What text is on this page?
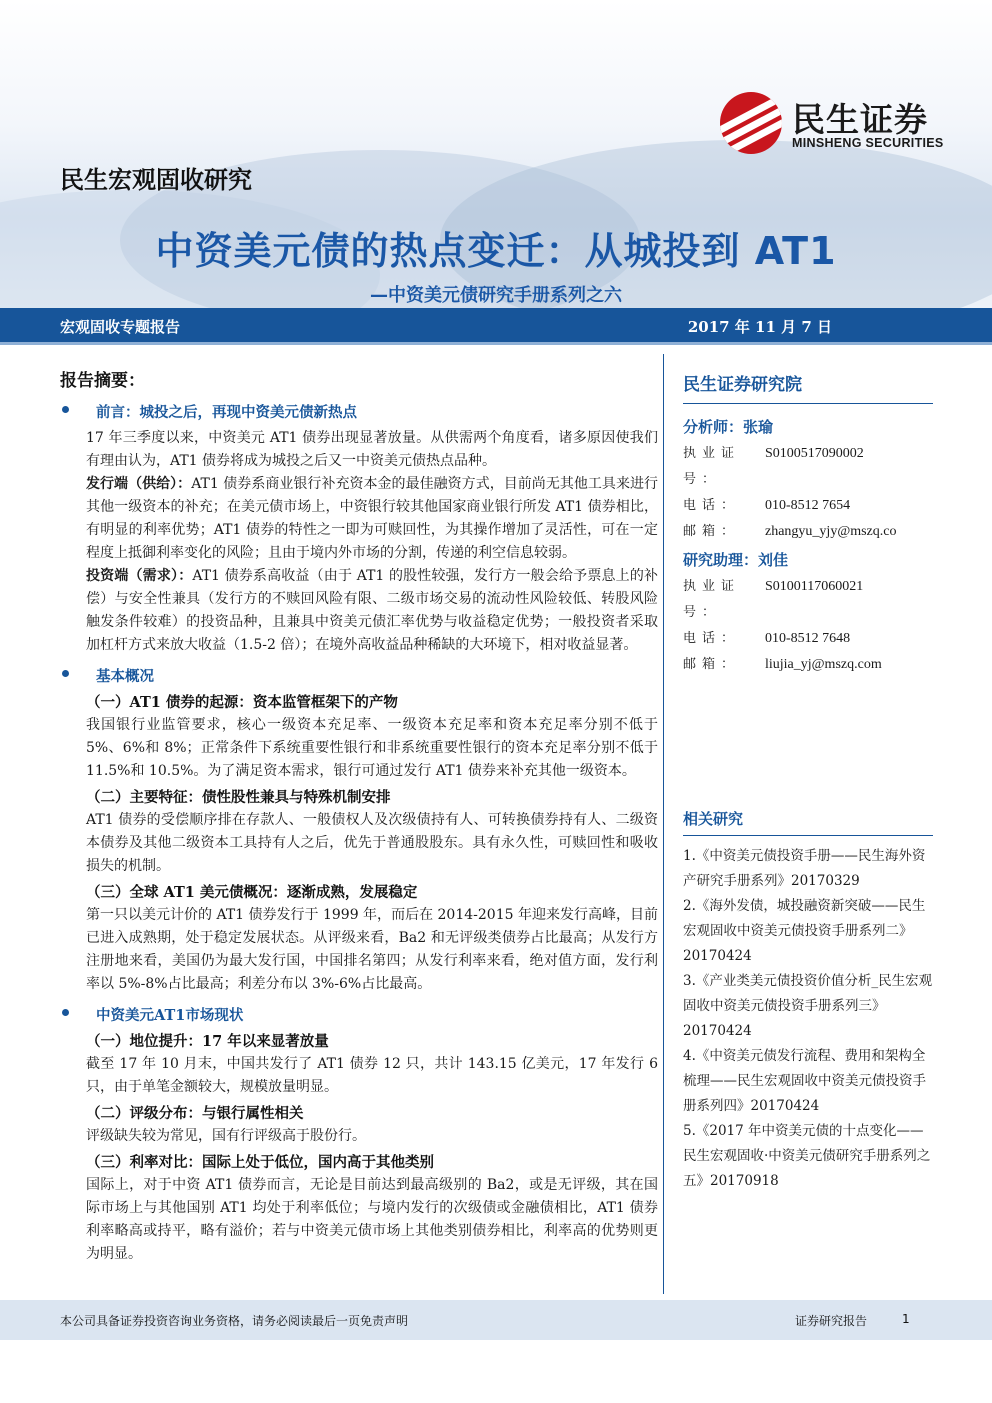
民生证券
MINSHENG SECURITIES
民生宏观固收研究
中资美元债的热点变迁：从城投到 AT1
—中资美元债研究手册系列之六
宏观固收专题报告	2017 年 11 月 7 日
报告摘要：
前言：城投之后，再现中资美元债新热点

17 年三季度以来，中资美元 AT1 债券出现显著放量。从供需两个角度看，诸多原因使我们有理由认为，AT1 债券将成为城投之后又一中资美元债热点品种。

发行端（供给）：AT1 债券系商业银行补充资本金的最佳融资方式，目前尚无其他工具来进行其他一级资本的补充；在美元债市场上，中资银行较其他国家商业银行所发 AT1 债券相比，有明显的利率优势；AT1 债券的特性之一即为可赎回性，为其操作增加了灵活性，可在一定程度上抵御利率变化的风险；且由于境内外市场的分割，传递的利空信息较弱。

投资端（需求）：AT1 债券系高收益（由于 AT1 的股性较强，发行方一般会给予票息上的补偿）与安全性兼具（发行方的不赎回风险有限、二级市场交易的流动性风险较低、转股风险触发条件较难）的投资品种，且兼具中资美元债汇率优势与收益稳定优势；一般投资者采取加杠杆方式来放大收益（1.5-2 倍）；在境外高收益品种稀缺的大环境下，相对收益显著。

基本概况
（一）AT1 债券的起源：资本监管框架下的产物

我国银行业监管要求，核心一级资本充足率、一级资本充足率和资本充足率分别不低于 5%、6%和 8%；正常条件下系统重要性银行和非系统重要性银行的资本充足率分别不低于 11.5%和 10.5%。为了满足资本需求，银行可通过发行 AT1 债券来补充其他一级资本。

（二）主要特征：债性股性兼具与特殊机制安排

AT1 债券的受偿顺序排在存款人、一般债权人及次级债持有人、可转换债券持有人、二级资本债券及其他二级资本工具持有人之后，优先于普通股股东。具有永久性，可赎回性和吸收损失的机制。

（三）全球 AT1 美元债概况：逐渐成熟，发展稳定

第一只以美元计价的 AT1 债券发行于 1999 年，而后在 2014-2015 年迎来发行高峰，目前已进入成熟期，处于稳定发展状态。从评级来看，Ba2 和无评级类债券占比最高；从发行方注册地来看，美国仍为最大发行国，中国排名第四；从发行利率来看，绝对值方面，发行利率以 5%-8%占比最高；利差分布以 3%-6%占比最高。

中资美元AT1市场现状
（一）地位提升：17 年以来显著放量

截至 17 年 10 月末，中国共发行了 AT1 债券 12 只，共计 143.15 亿美元，17 年发行 6 只，由于单笔金额较大，规模放量明显。

（二）评级分布：与银行属性相关

评级缺失较为常见，国有行评级高于股份行。

（三）利率对比：国际上处于低位，国内高于其他类别

国际上，对于中资 AT1 债券而言，无论是目前达到最高级别的 Ba2，或是无评级，其在国际市场上与其他国别 AT1 均处于利率低位；与境内发行的次级债或金融债相比，AT1 债券利率略高或持平，略有溢价；若与中资美元债市场上其他类别债券相比，利率高的优势则更为明显。

民生证券研究院
分析师：张瑜
执业证号：
S0100517090002
电话：	010-8512 7654
邮箱：	zhangyu_yjy@mszq.co
研究助理：刘佳
执业证号：
S0100117060021
电话：	010-8512 7648
邮箱：	liujia_yj@mszq.com
相关研究
1.《中资美元债投资手册——民生海外资产研究手册系列》20170329
2.《海外发债，城投融资新突破——民生宏观固收中资美元债投资手册系列二》20170424
3.《产业类美元债投资价值分析_民生宏观固收中资美元债投资手册系列三》20170424
4.《中资美元债发行流程、费用和架构全梳理——民生宏观固收中资美元债投资手册系列四》20170424
5.《2017 年中资美元债的十点变化——民生宏观固收·中资美元债研究手册系列之五》20170918
本公司具备证券投资咨询业务资格，请务必阅读最后一页免责声明	证券研究报告	1
